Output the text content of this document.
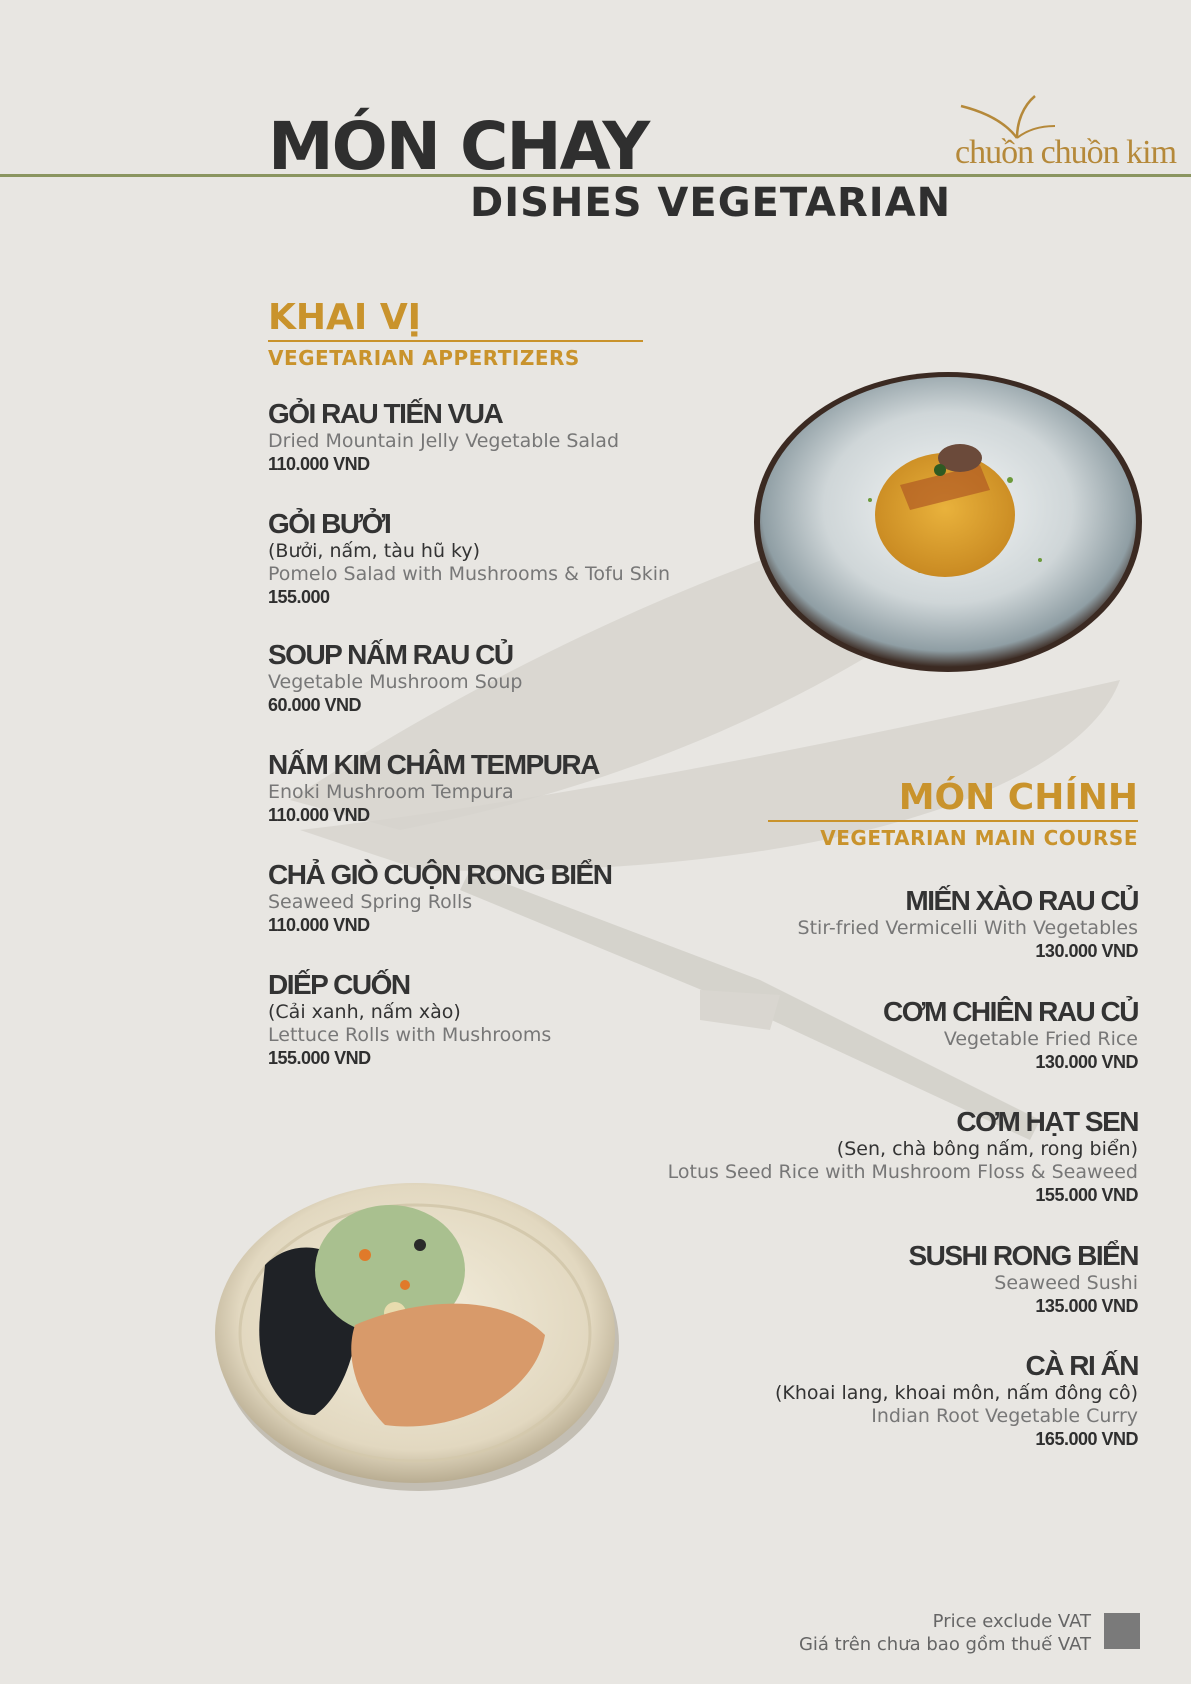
MÓN CHAY
DISHES VEGETARIAN
chuồn chuồn kim
KHAI VỊ
VEGETARIAN APPERTIZERS
GỎI RAU TIẾN VUA
Dried Mountain Jelly Vegetable Salad
110.000 VND
GỎI BƯỞI
(Bưởi, nấm, tàu hũ ky)
Pomelo Salad with Mushrooms & Tofu Skin
155.000
SOUP NẤM RAU CỦ
Vegetable Mushroom Soup
60.000 VND
NẤM KIM CHÂM TEMPURA
Enoki Mushroom Tempura
110.000 VND
CHẢ GIÒ CUỘN RONG BIỂN
Seaweed Spring Rolls
110.000 VND
DIẾP CUỐN
(Cải xanh, nấm xào)
Lettuce Rolls with Mushrooms
155.000 VND
MÓN CHÍNH
VEGETARIAN MAIN COURSE
MIẾN XÀO RAU CỦ
Stir-fried Vermicelli With Vegetables
130.000 VND
CƠM CHIÊN RAU CỦ
Vegetable Fried Rice
130.000 VND
CƠM HẠT SEN
(Sen, chà bông nấm, rong biển)
Lotus Seed Rice with Mushroom Floss & Seaweed
155.000 VND
SUSHI RONG BIỂN
Seaweed Sushi
135.000 VND
CÀ RI ẤN
(Khoai lang, khoai môn, nấm đông cô)
Indian Root Vegetable Curry
165.000 VND
Price exclude VAT
Giá trên chưa bao gồm thuế VAT
